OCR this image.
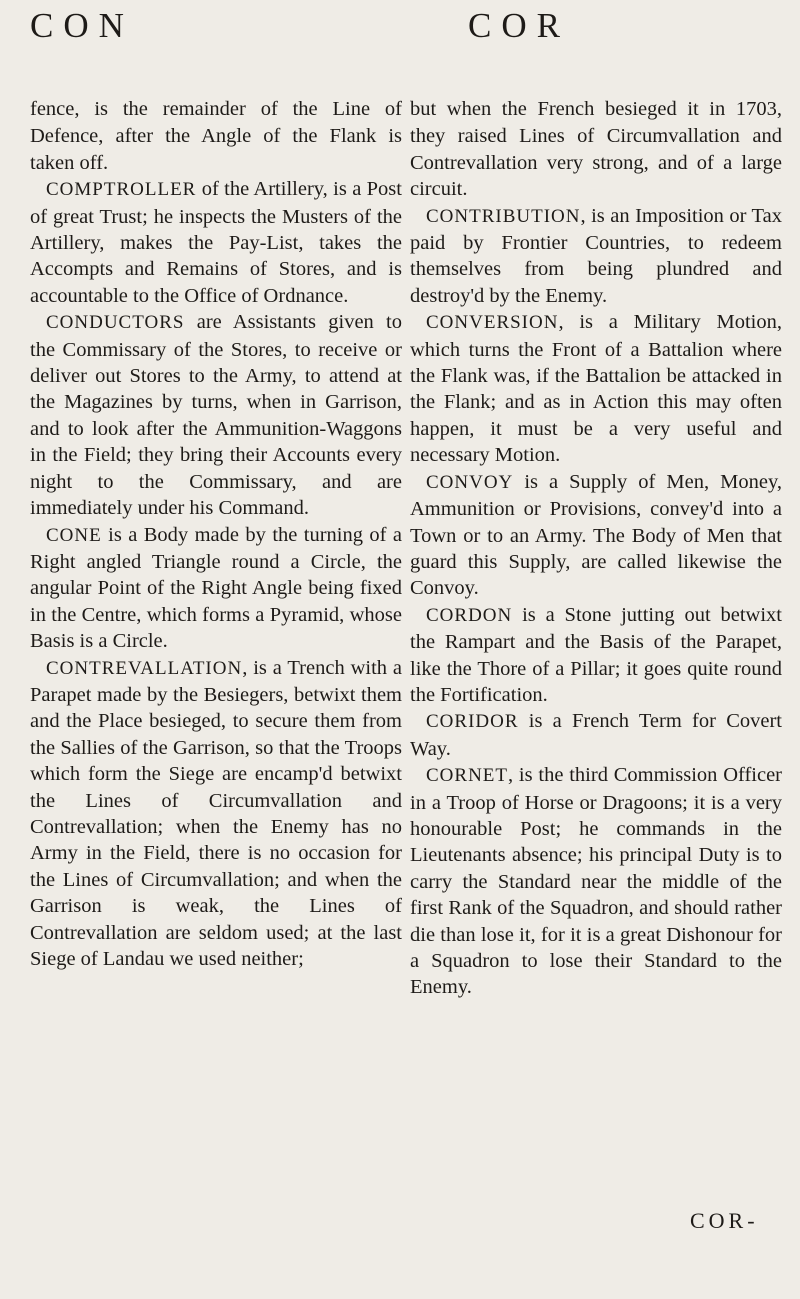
CON	COR

fence, is the remainder of the Line of Defence, after the Angle of the Flank is taken off.

COMPTROLLER of the Artillery, is a Post of great Trust; he inspects the Musters of the Artillery, makes the Pay-List, takes the Accompts and Remains of Stores, and is accountable to the Office of Ordnance.

CONDUCTORS are Assistants given to the Commissary of the Stores, to receive or deliver out Stores to the Army, to attend at the Magazines by turns, when in Garrison, and to look after the Ammunition-Waggons in the Field; they bring their Accounts every night to the Commissary, and are immediately under his Command.

CONE is a Body made by the turning of a Right angled Triangle round a Circle, the angular Point of the Right Angle being fixed in the Centre, which forms a Pyramid, whose Basis is a Circle.

CONTREVALLATION, is a Trench with a Parapet made by the Besiegers, betwixt them and the Place besieged, to secure them from the Sallies of the Garrison, so that the Troops which form the Siege are encamp'd betwixt the Lines of Circumvallation and Contrevallation; when the Enemy has no Army in the Field, there is no occasion for the Lines of Circumvallation; and when the Garrison is weak, the Lines of Contrevallation are seldom used; at the last Siege of Landau we used neither;

but when the French besieged it in 1703, they raised Lines of Circumvallation and Contrevallation very strong, and of a large circuit.

CONTRIBUTION, is an Imposition or Tax paid by Frontier Countries, to redeem themselves from being plundred and destroy'd by the Enemy.

CONVERSION, is a Military Motion, which turns the Front of a Battalion where the Flank was, if the Battalion be attacked in the Flank; and as in Action this may often happen, it must be a very useful and necessary Motion.

CONVOY is a Supply of Men, Money, Ammunition or Provisions, convey'd into a Town or to an Army. The Body of Men that guard this Supply, are called likewise the Convoy.

CORDON is a Stone jutting out betwixt the Rampart and the Basis of the Parapet, like the Thore of a Pillar; it goes quite round the Fortification.

CORIDOR is a French Term for Covert Way.

CORNET, is the third Commission Officer in a Troop of Horse or Dragoons; it is a very honourable Post; he commands in the Lieutenants absence; his principal Duty is to carry the Standard near the middle of the first Rank of the Squadron, and should rather die than lose it, for it is a great Dishonour for a Squadron to lose their Standard to the Enemy.

COR-
